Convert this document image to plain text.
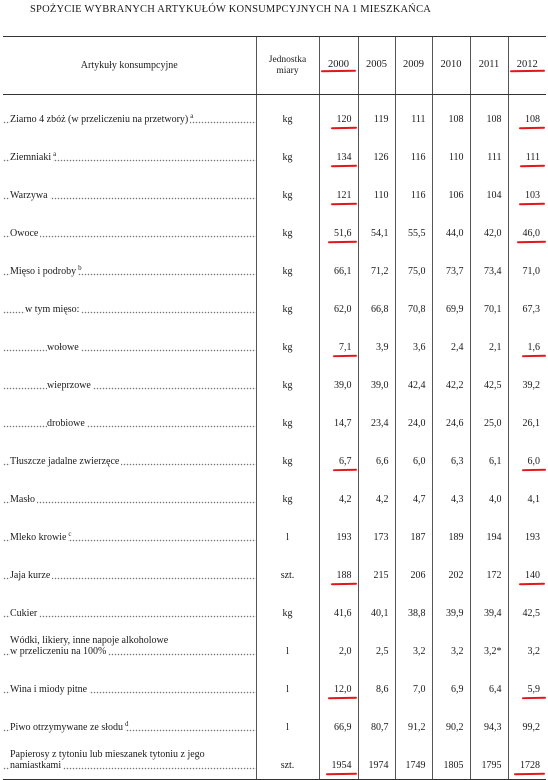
SPOŻYCIE WYBRANYCH ARTYKUŁÓW KONSUMPCYJNYCH NA 1 MIESZKAŃCA
Artykuły konsumpcyjne	Jednostka
miary	2000	2005	2009	2010	2011	2012
Ziarno 4 zbóż (w przeliczeniu na przetwory) $^a$	kg	120	119	111	108	108	108
Ziemniaki $^a$	kg	134	126	116	110	111	111
Warzywa	kg	121	110	116	106	104	103
Owoce	kg	51,6	54,1	55,5	44,0	42,0	46,0
Mięso i podroby $^b$	kg	66,1	71,2	75,0	73,7	73,4	71,0
w tym mięso:	kg	62,0	66,8	70,8	69,9	70,1	67,3
wołowe	kg	7,1	3,9	3,6	2,4	2,1	1,6
wieprzowe	kg	39,0	39,0	42,4	42,2	42,5	39,2
drobiowe	kg	14,7	23,4	24,0	24,6	25,0	26,1
Tłuszcze jadalne zwierzęce	kg	6,7	6,6	6,0	6,3	6,1	6,0
Masło	kg	4,2	4,2	4,7	4,3	4,0	4,1
Mleko krowie $^c$	l	193	173	187	189	194	193
Jaja kurze	szt.	188	215	206	202	172	140
Cukier	kg	41,6	40,1	38,8	39,9	39,4	42,5
Wódki, likiery, inne napoje alkoholowe
w przeliczeniu na 100%	l	2,0	2,5	3,2	3,2	3,2*	3,2
Wina i miody pitne	l	12,0	8,6	7,0	6,9	6,4	5,9
Piwo otrzymywane ze słodu $^d$	l	66,9	80,7	91,2	90,2	94,3	99,2
Papierosy z tytoniu lub mieszanek tytoniu z jego
namiastkami	szt.	1954	1974	1749	1805	1795	1728
